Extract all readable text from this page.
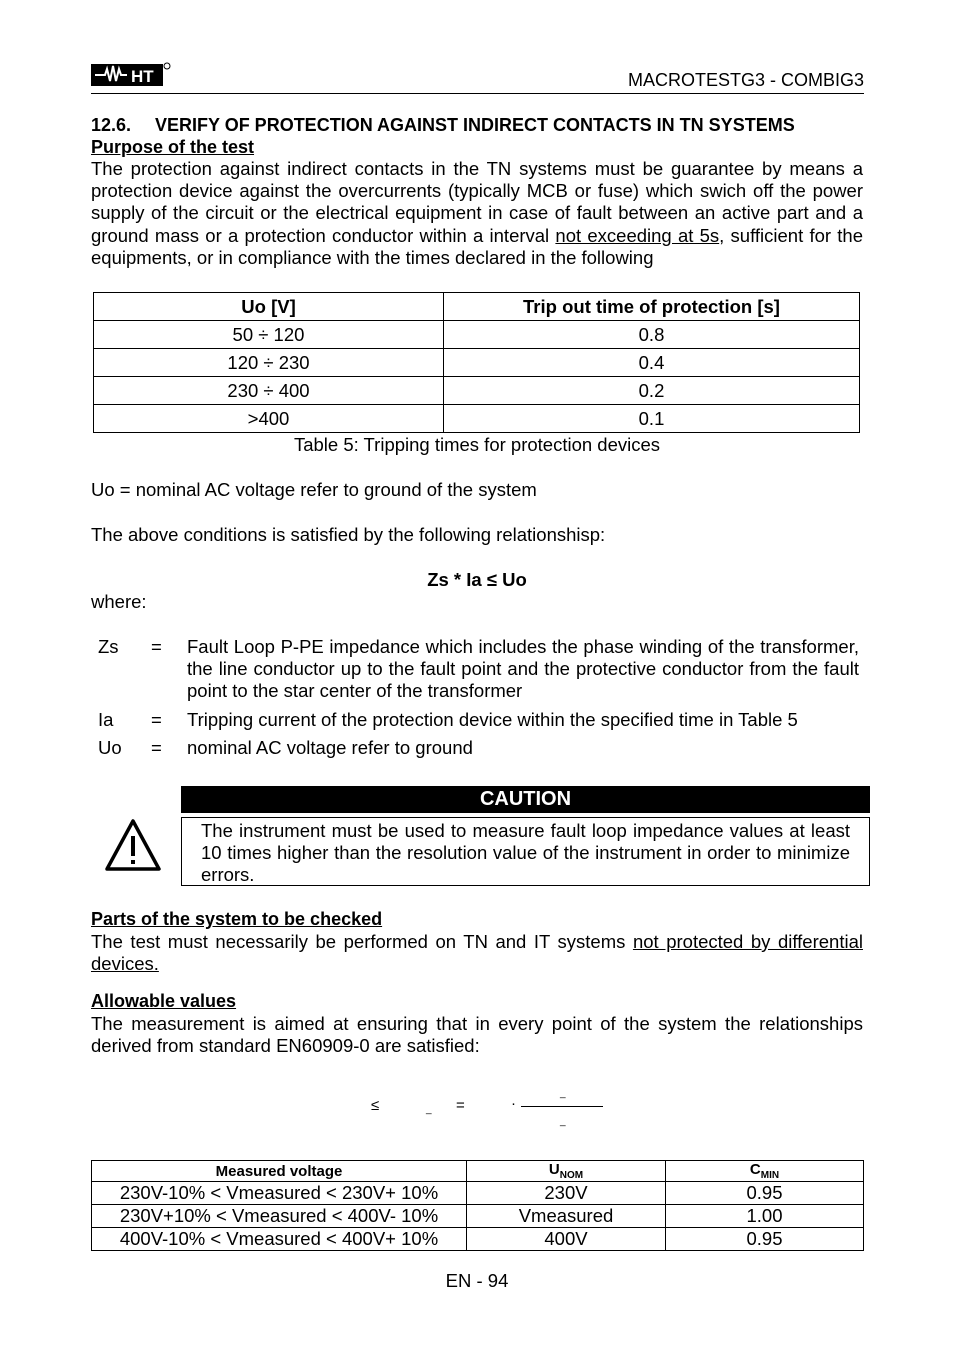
HT	MACROTESTG3 - COMBIG3
12.6. VERIFY OF PROTECTION AGAINST INDIRECT CONTACTS IN TN SYSTEMS
Purpose of the test
The protection against indirect contacts in the TN systems must be guarantee by means a protection device against the overcurrents (typically MCB or fuse) which swich off the power supply of the circuit or the electrical equipment in case of fault between an active part and a ground mass or a protection conductor within a interval not exceeding at 5s, sufficient for the equipments, or in compliance with the times declared in the following
Uo [V]	Trip out time of protection [s]
50 ÷ 120	0.8
120 ÷ 230	0.4
230 ÷ 400	0.2
>400	0.1
Table 5: Tripping times for protection devices
Uo = nominal AC voltage refer to ground of the system
The above conditions is satisfied by the following relationshisp:
Zs * Ia ≤ Uo
where:
Zs	=	Fault Loop P-PE impedance which includes the phase winding of the transformer, the line conductor up to the fault point and the protective conductor from the fault point to the star center of the transformer
Ia	=	Tripping current of the protection device within the specified time in Table 5
Uo	=	nominal AC voltage refer to ground
CAUTION
The instrument must be used to measure fault loop impedance values at least 10 times higher than the resolution value of the instrument in order to minimize errors.
Parts of the system to be checked
The test must necessarily be performed on TN and IT systems not protected by differential devices.
Allowable values
The measurement is aimed at ensuring that in every point of the system the relationships derived from standard EN60909-0 are satisfied:
≤	_ =	·
_
_
Measured voltage	$U_{NOM}$	$C_{MIN}$
230V-10% < Vmeasured < 230V+ 10%	230V	0.95
230V+10% < Vmeasured < 400V- 10%	Vmeasured	1.00
400V-10% < Vmeasured < 400V+ 10%	400V	0.95
EN - 94
